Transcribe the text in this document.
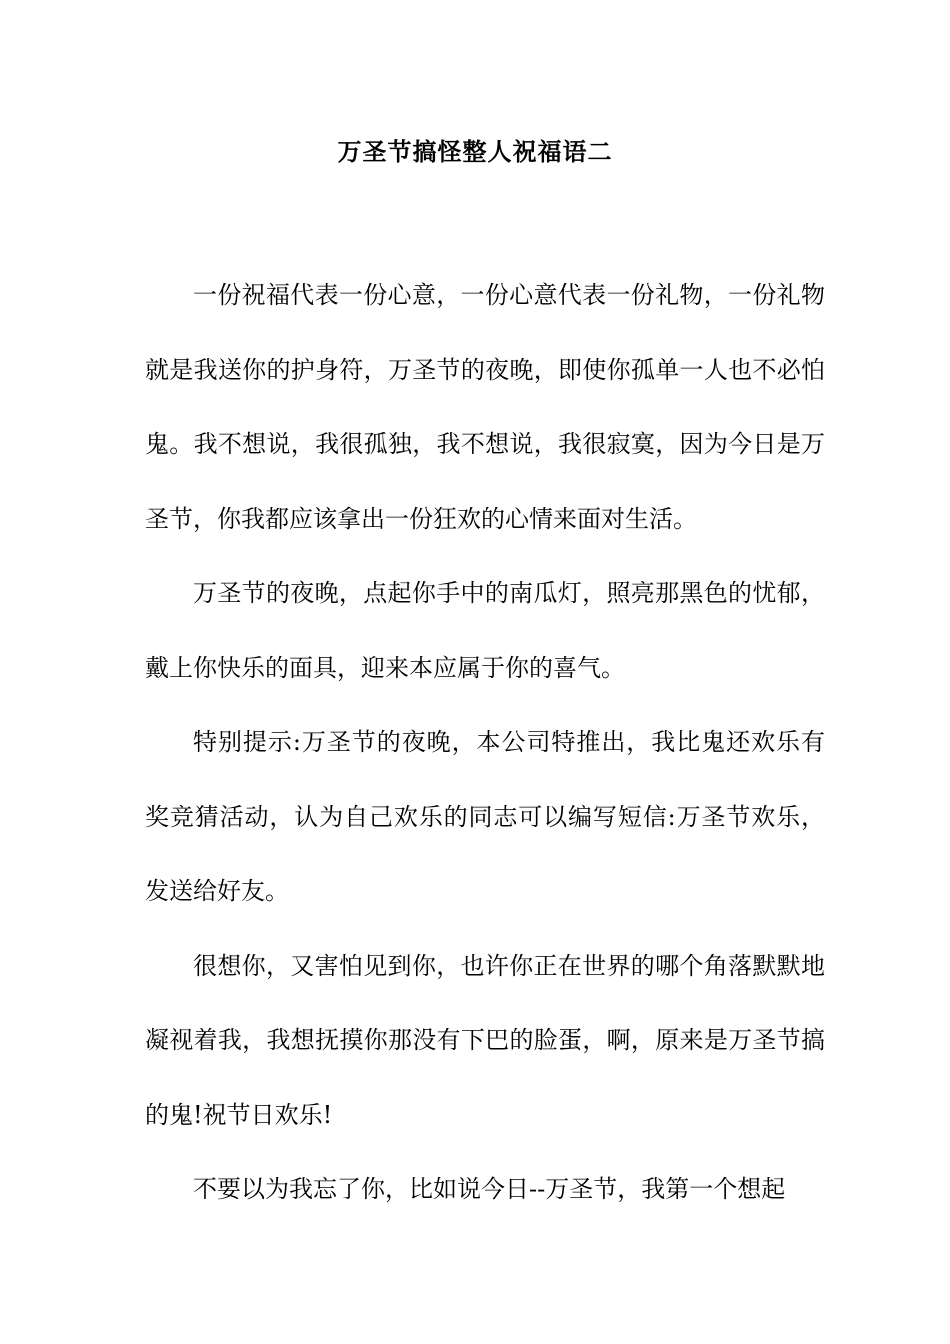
万圣节搞怪整人祝福语二

一份祝福代表一份心意，一份心意代表一份礼物，一份礼物就是我送你的护身符，万圣节的夜晚，即使你孤单一人也不必怕鬼。我不想说，我很孤独，我不想说，我很寂寞，因为今日是万圣节，你我都应该拿出一份狂欢的心情来面对生活。

万圣节的夜晚，点起你手中的南瓜灯，照亮那黑色的忧郁，戴上你快乐的面具，迎来本应属于你的喜气。

特别提示:万圣节的夜晚，本公司特推出，我比鬼还欢乐有奖竞猜活动，认为自己欢乐的同志可以编写短信:万圣节欢乐，发送给好友。

很想你，又害怕见到你，也许你正在世界的哪个角落默默地凝视着我，我想抚摸你那没有下巴的脸蛋，啊，原来是万圣节搞的鬼!祝节日欢乐!

不要以为我忘了你，比如说今日--万圣节，我第一个想起
